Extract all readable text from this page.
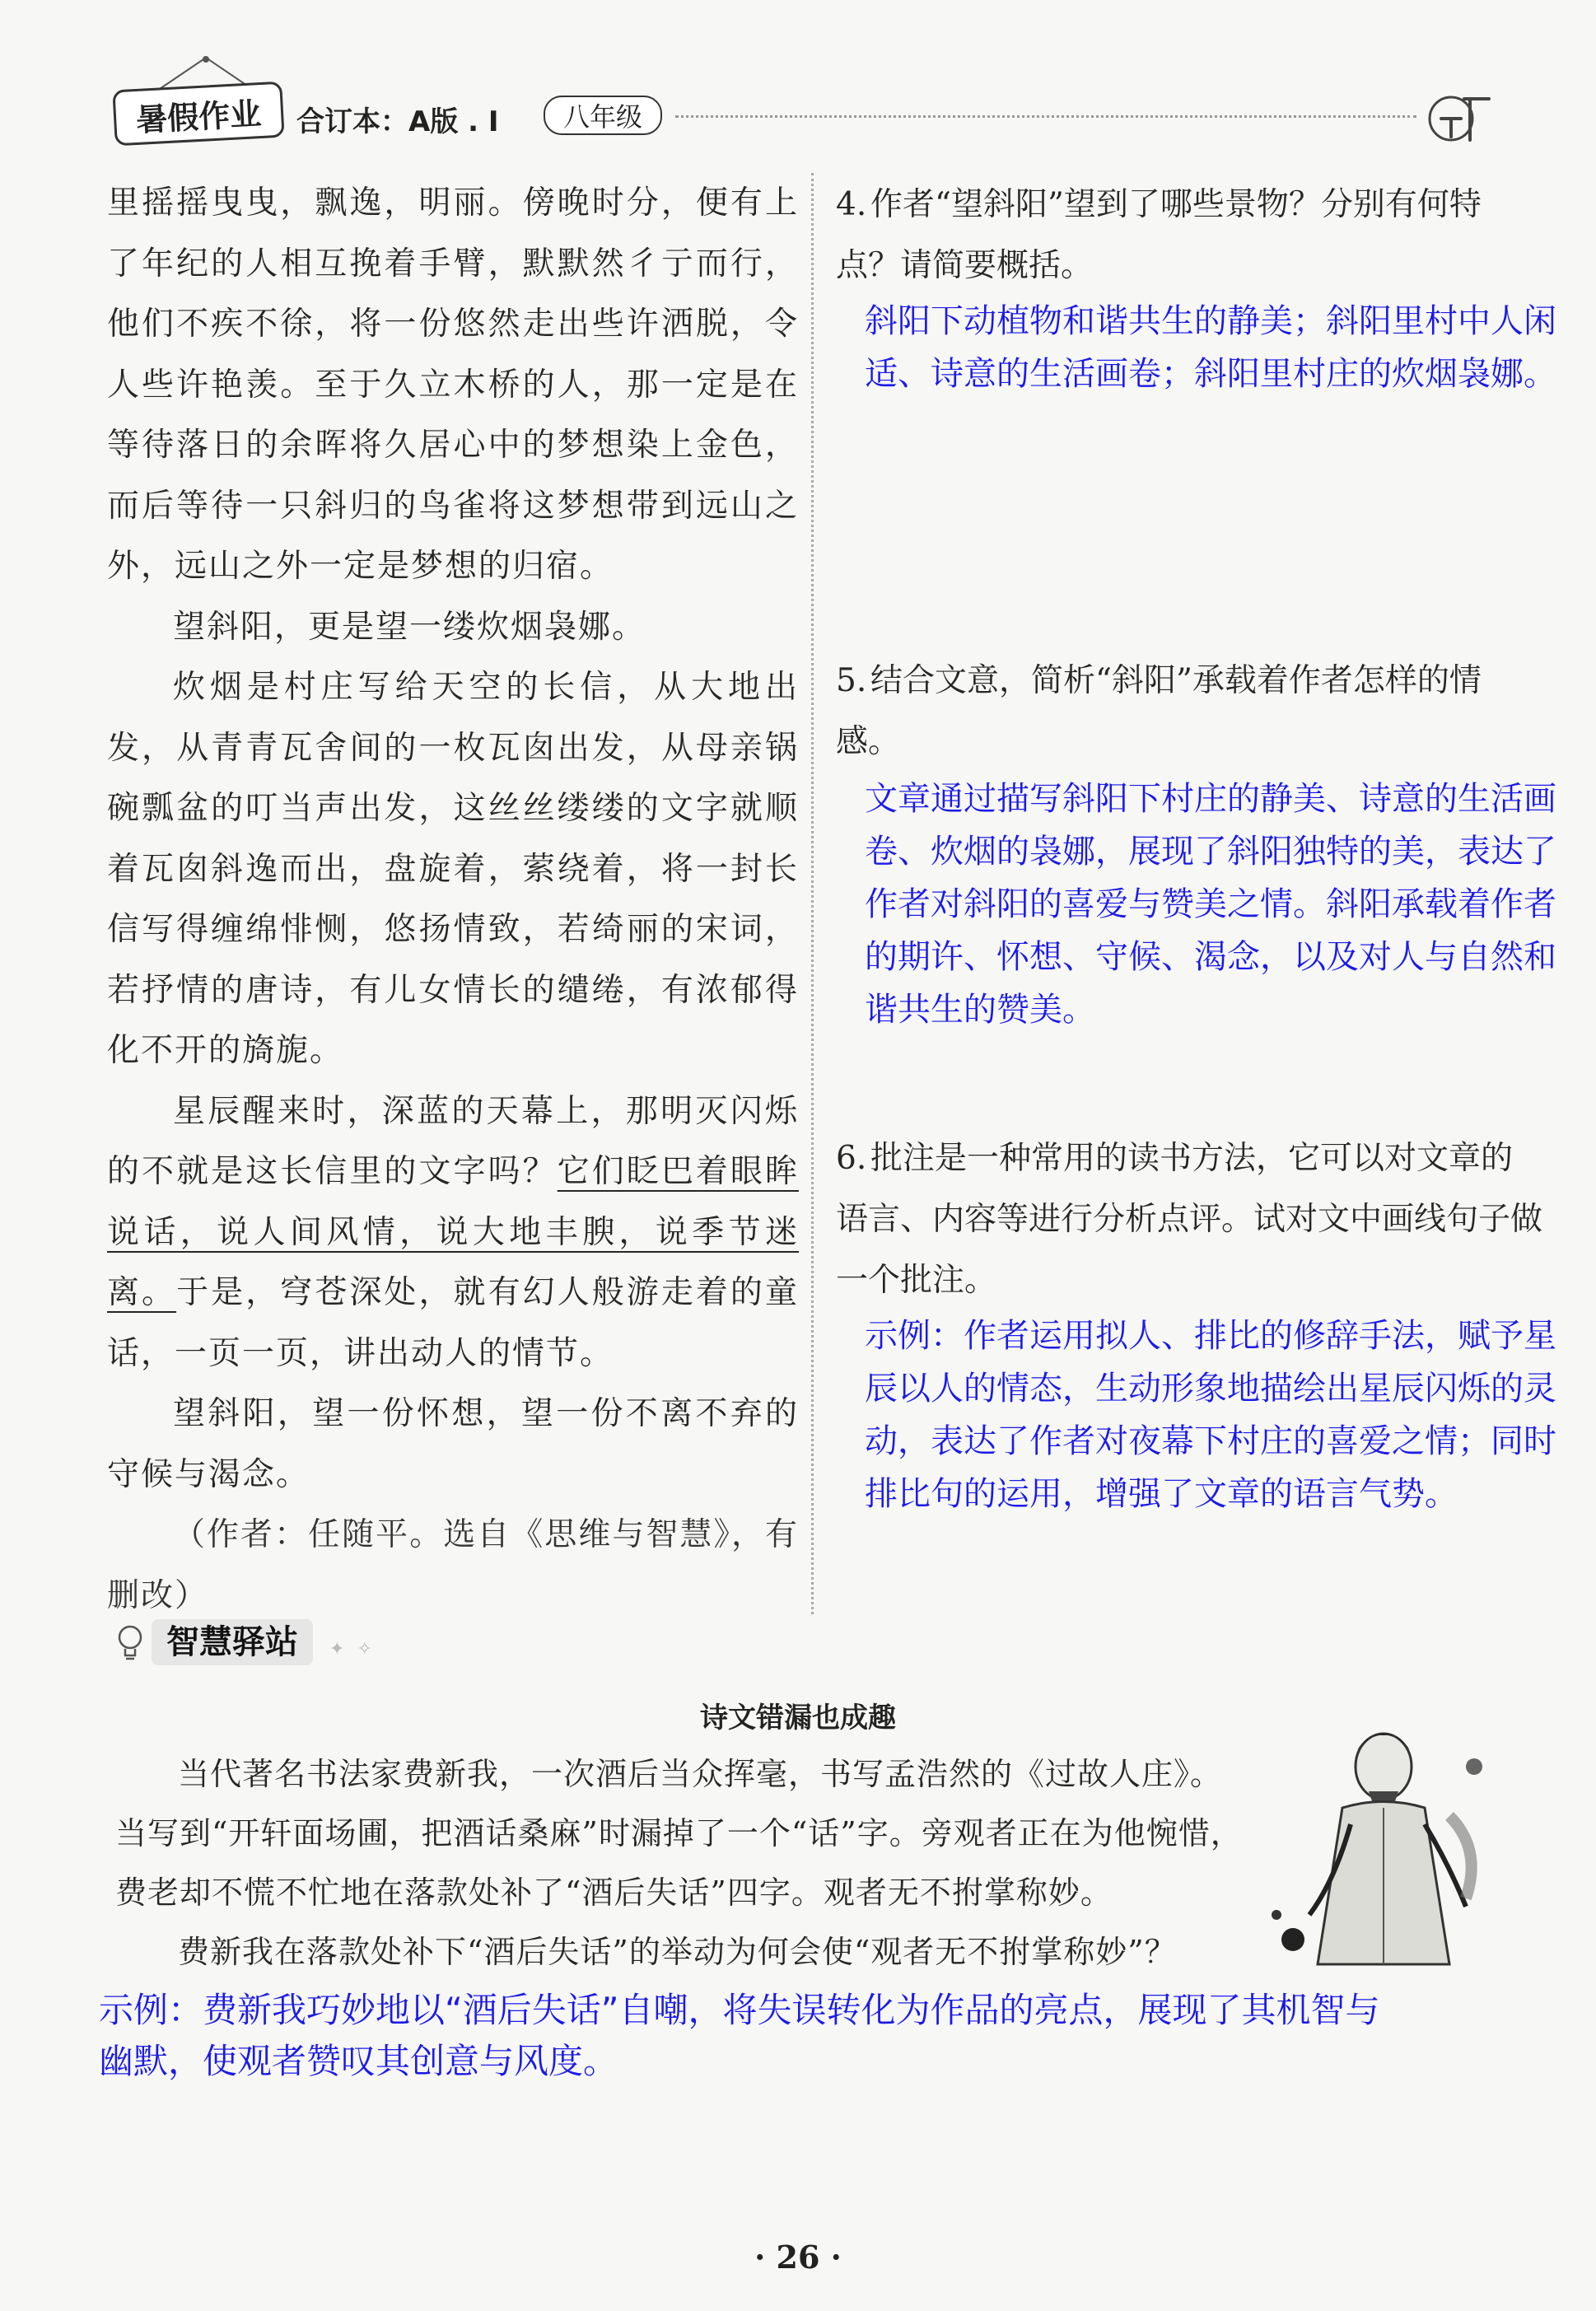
暑假作业	合订本：A版 . I	八年级

里摇摇曳曳，飘逸，明丽。傍晚时分，便有上了年纪的人相互挽着手臂，默默然彳亍而行，他们不疾不徐，将一份悠然走出些许洒脱，令人些许艳羡。至于久立木桥的人，那一定是在等待落日的余晖将久居心中的梦想染上金色，而后等待一只斜归的鸟雀将这梦想带到远山之外，远山之外一定是梦想的归宿。

望斜阳，更是望一缕炊烟袅娜。

炊烟是村庄写给天空的长信，从大地出发，从青青瓦舍间的一枚瓦囱出发，从母亲锅碗瓢盆的叮当声出发，这丝丝缕缕的文字就顺着瓦囱斜逸而出，盘旋着，萦绕着，将一封长信写得缠绵悱恻，悠扬情致，若绮丽的宋词，若抒情的唐诗，有儿女情长的缱绻，有浓郁得化不开的旖旎。

星辰醒来时，深蓝的天幕上，那明灭闪烁的不就是这长信里的文字吗？它们眨巴着眼眸说话，说人间风情，说大地丰腴，说季节迷离。于是，穹苍深处，就有幻人般游走着的童话，一页一页，讲出动人的情节。

望斜阳，望一份怀想，望一份不离不弃的守候与渴念。

（作者：任随平。选自《思维与智慧》，有删改）

4. 作者“望斜阳”望到了哪些景物？分别有何特点？请简要概括。
斜阳下动植物和谐共生的静美；斜阳里村中人闲适、诗意的生活画卷；斜阳里村庄的炊烟袅娜。
5. 结合文意，简析“斜阳”承载着作者怎样的情感。
文章通过描写斜阳下村庄的静美、诗意的生活画卷、炊烟的袅娜，展现了斜阳独特的美，表达了作者对斜阳的喜爱与赞美之情。斜阳承载着作者的期许、怀想、守候、渴念，以及对人与自然和谐共生的赞美。
6. 批注是一种常用的读书方法，它可以对文章的语言、内容等进行分析点评。试对文中画线句子做一个批注。
示例：作者运用拟人、排比的修辞手法，赋予星辰以人的情态，生动形象地描绘出星辰闪烁的灵动，表达了作者对夜幕下村庄的喜爱之情；同时排比句的运用，增强了文章的语言气势。
智慧驿站	✦ ✧
诗文错漏也成趣

当代著名书法家费新我，一次酒后当众挥毫，书写孟浩然的《过故人庄》。当写到“开轩面场圃，把酒话桑麻”时漏掉了一个“话”字。旁观者正在为他惋惜，费老却不慌不忙地在落款处补了“酒后失话”四字。观者无不拊掌称妙。

费新我在落款处补下“酒后失话”的举动为何会使“观者无不拊掌称妙”？

示例：费新我巧妙地以“酒后失话”自嘲，将失误转化为作品的亮点，展现了其机智与幽默，使观者赞叹其创意与风度。
· 26 ·
